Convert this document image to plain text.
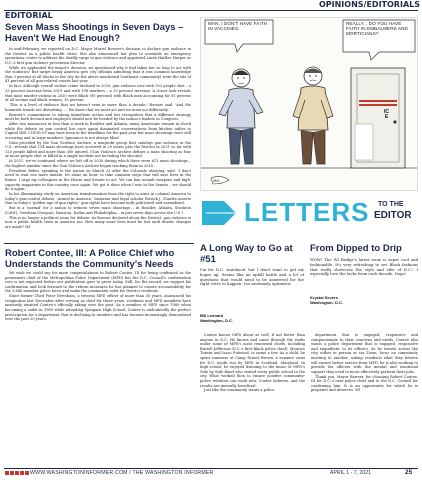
OPINIONS/EDITORIALS
EDITORIAL
Seven Mass Shootings in Seven Days – Haven't We Had Enough?

In mid-February, we reported on D.C. Mayor Muriel Bowser's decision to declare gun violence in the District as a public health crisis. She also announced her plan to assemble an emergency operations center to address the deadly surge in gun violence and appointed Linda Harllee Harper as D.C.'s first gun violence prevention director.

While we applauded the mayor's decision, we questioned why it had taken her so long to act with the statistics! But target being America gets city officials admitting that it was common knowledge that 3 percent of all blocks in the city (in the above mentioned Southeast community) were the site of 41 percent of all gun-related crimes last year.

In fact, although overall violent crime declined in 2020, gun violence rose with 922 people shot – a 33 percent increase from 2019 and with 198 murders – a 19 percent increase. A closer look reveals that most murder victims in 2020 were Black (95 percent) with Black men accounting for 81 percent of all victims and Black women, 15 percent.

'This is a level of violence that we haven't seen in more than a decade,' Bowser said. 'And the homicide trends are disturbing. … We know that we must act and we must act differently.'

Bowser's commitment to taking immediate action and her recognition that a different strategy must be both devised and employed should now be heeded by the nation's leaders in Congress.

After two massacres in less than a week in Boulder and Atlanta, many Americans remain in shock while the debate on gun control has once again dominated conversations from kitchen tables to Capitol Hill. COVID-19 may have been in the headlines for the past year but mass shootings were still occurring and in large numbers. Ignorance is not always bliss!

Data provided by the Gun Violence Archive, a nonprofit group that catalogs gun violence in the U.S., reveals that 154 mass shootings have occurred in 29 states plus the District in 2021 so far with 120 people killed and more than 380 injured. (Gun Violence Archive defines a mass shooting as four or more people shot or killed in a single incident not including the shooter).

In 2021, we've continued where we left off in 2020 during which there were 611 mass shootings – the highest number since the Gun Violence Archive began tracking them in 2014.

President Biden, speaking to the nation on March 23 after the Colorado shooting, said, 'I don't need to wait one more minute, let alone an hour, to take common steps that will save lives in the future. I urge my colleagues in the House and Senate to act. We can ban assault weapons and high-capacity magazines in this country once again. We got it done when I was in the Senate – we should do it again.'

In his illuminating study on American transformation from the right to arms in colonial America to today's gun-control debate, 'Armed in America,' historian and legal scholar Patrick J. Charles asserts that in today's 'golden age of gun rights,' gun rights have become both politicized and normalized.

But is a 'normal' for a nation to witness seven mass shootings – in Boulder, Atlanta, Stockton (Calif.), Gresham (Oregon), Houston, Dallas and Philadelphia – in just seven days across the U.S.?

This is no longer a political issue for debate. As Bowser declared about the District, gun violence is now a public health crisis in America too. How many more lives must be lost until drastic changes are made? WI

Robert Contee, III: A Police Chief who Understands the Community's Needs

We wish we could say for more congratulations to Robert Contee, III for being confirmed as the permanent chief of the Metropolitan Police Department (MPD) but the D.C. Council's confirmation vote is not expected before our publication goes to press today. Still, for the record, we support his confirmation and look forward to the reform measures he has planned to ensure accountability for the 3,640-member police force and make the community safer for District residents.

Since former Chief Peter Newsham, a veteran MPD officer of more than 30 years, announced his resignation last December after serving as chief for three years, residents and MPD members have anxiously awaited Contee's officially taking over the post. As a member of MPD since 1989 when becoming a cadet in 1989 while attending Spingarn High School, Contee is undoubtedly the perfect prescription for a department that is declining in numbers and has become increasingly demoralized over the past 20 years.

Milt
MAN, I DON'T HAVE FAITH IN VACCINES.
REALLY... DO YOU HAVE FAITH IN EMBALMERS AND MORTICIANS?
ICE
LETTERS TO THE
EDITOR
A Long Way to Go at #51
I'm for D.C. statehood, but I don't want to get my hopes up. Seems like an uphill battle and a lot of questions that would need to be answered for the right votes to happen. I'm cautiously optimistic.
Bill Leonard
Washington, D.C.
From Dipped to Drip
WOW! The WI Bridge's latest issue is super cool and fashionable. It's very refreshing to see Black fashions that really showcase the style and vibe of D.C.! I especially love the looks from each decade. Dope!
Krystal Severs
Washington, D.C.

Contee knows MPD about as well, if not better than anyone in D.C. He knows and came through the ranks under some of MPD's most renowned chiefs, including Burtell Jefferson (D.C.'s first Black police chief), Maurice Turner and Isaac Fulwood, to name a few. As a child, he spent summers at Camp Ernest Brown, a summer oasis for D.C. youth run by MPD in Scotland, Maryland. In high school, he enjoyed listening to the music of MPD's Side by Side Band who visited every public school in the city. What worked then to ensure positive community-police relations can work now, Contee believes, and the results are mutually beneficial.

Just like the community wants a police

department that is engaged, responsive and compassionate to their concerns and needs, Contee also wants a police department that is engaged, responsive and empathetic to its officers. As he travels across the city, either in person or via Zoom, focus on community meeting to another, asking residents what they believe will ensure better service from MPD, he is also working to provide his officers with the mental and emotional support they need to more effectively perform their jobs.

Thank you, Mayor Bowser, for choosing Robert Contee, III for D.C.'s next police chief and to the D.C. Council for confirming him. It is an opportunity for which he is prepared and deserves. WI

WWW.WASHINGTONINFORMER.COM / THE WASHINGTON INFORMER	APRIL 1 - 7, 2021	25
